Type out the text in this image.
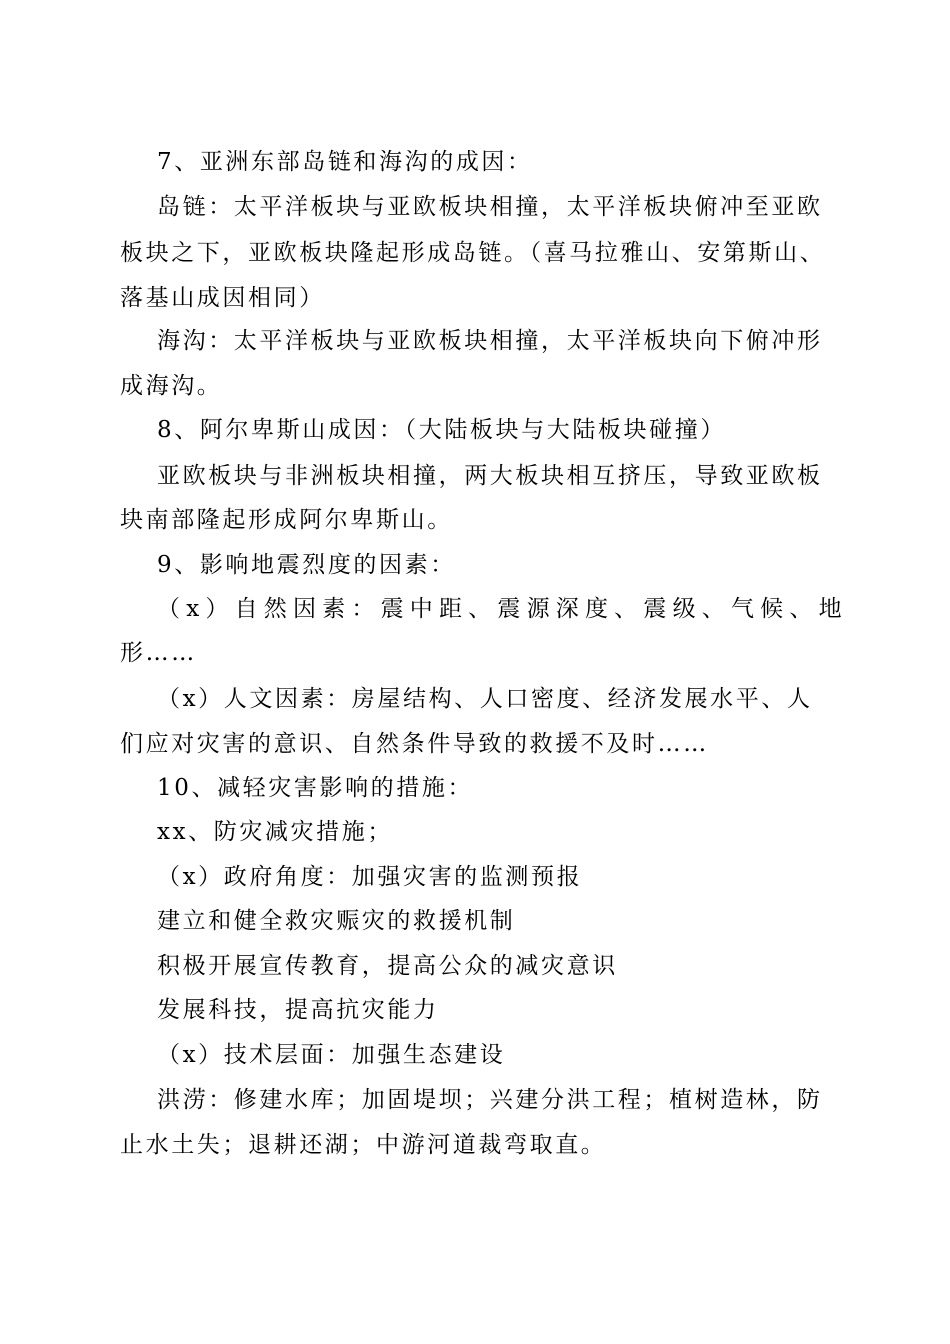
7、亚洲东部岛链和海沟的成因：
岛链：太平洋板块与亚欧板块相撞，太平洋板块俯冲至亚欧
板块之下，亚欧板块隆起形成岛链。（喜马拉雅山、安第斯山、
落基山成因相同）
海沟：太平洋板块与亚欧板块相撞，太平洋板块向下俯冲形
成海沟。
8、阿尔卑斯山成因：（大陆板块与大陆板块碰撞）
亚欧板块与非洲板块相撞，两大板块相互挤压，导致亚欧板
块南部隆起形成阿尔卑斯山。
9、影响地震烈度的因素：
（x）自然因素：震中距、震源深度、震级、气候、地
形……
（x）人文因素：房屋结构、人口密度、经济发展水平、人
们应对灾害的意识、自然条件导致的救援不及时……
10、减轻灾害影响的措施：
xx、防灾减灾措施；
（x）政府角度：加强灾害的监测预报
建立和健全救灾赈灾的救援机制
积极开展宣传教育，提高公众的减灾意识
发展科技，提高抗灾能力
（x）技术层面：加强生态建设
洪涝：修建水库；加固堤坝；兴建分洪工程；植树造林，防
止水土失；退耕还湖；中游河道裁弯取直。
